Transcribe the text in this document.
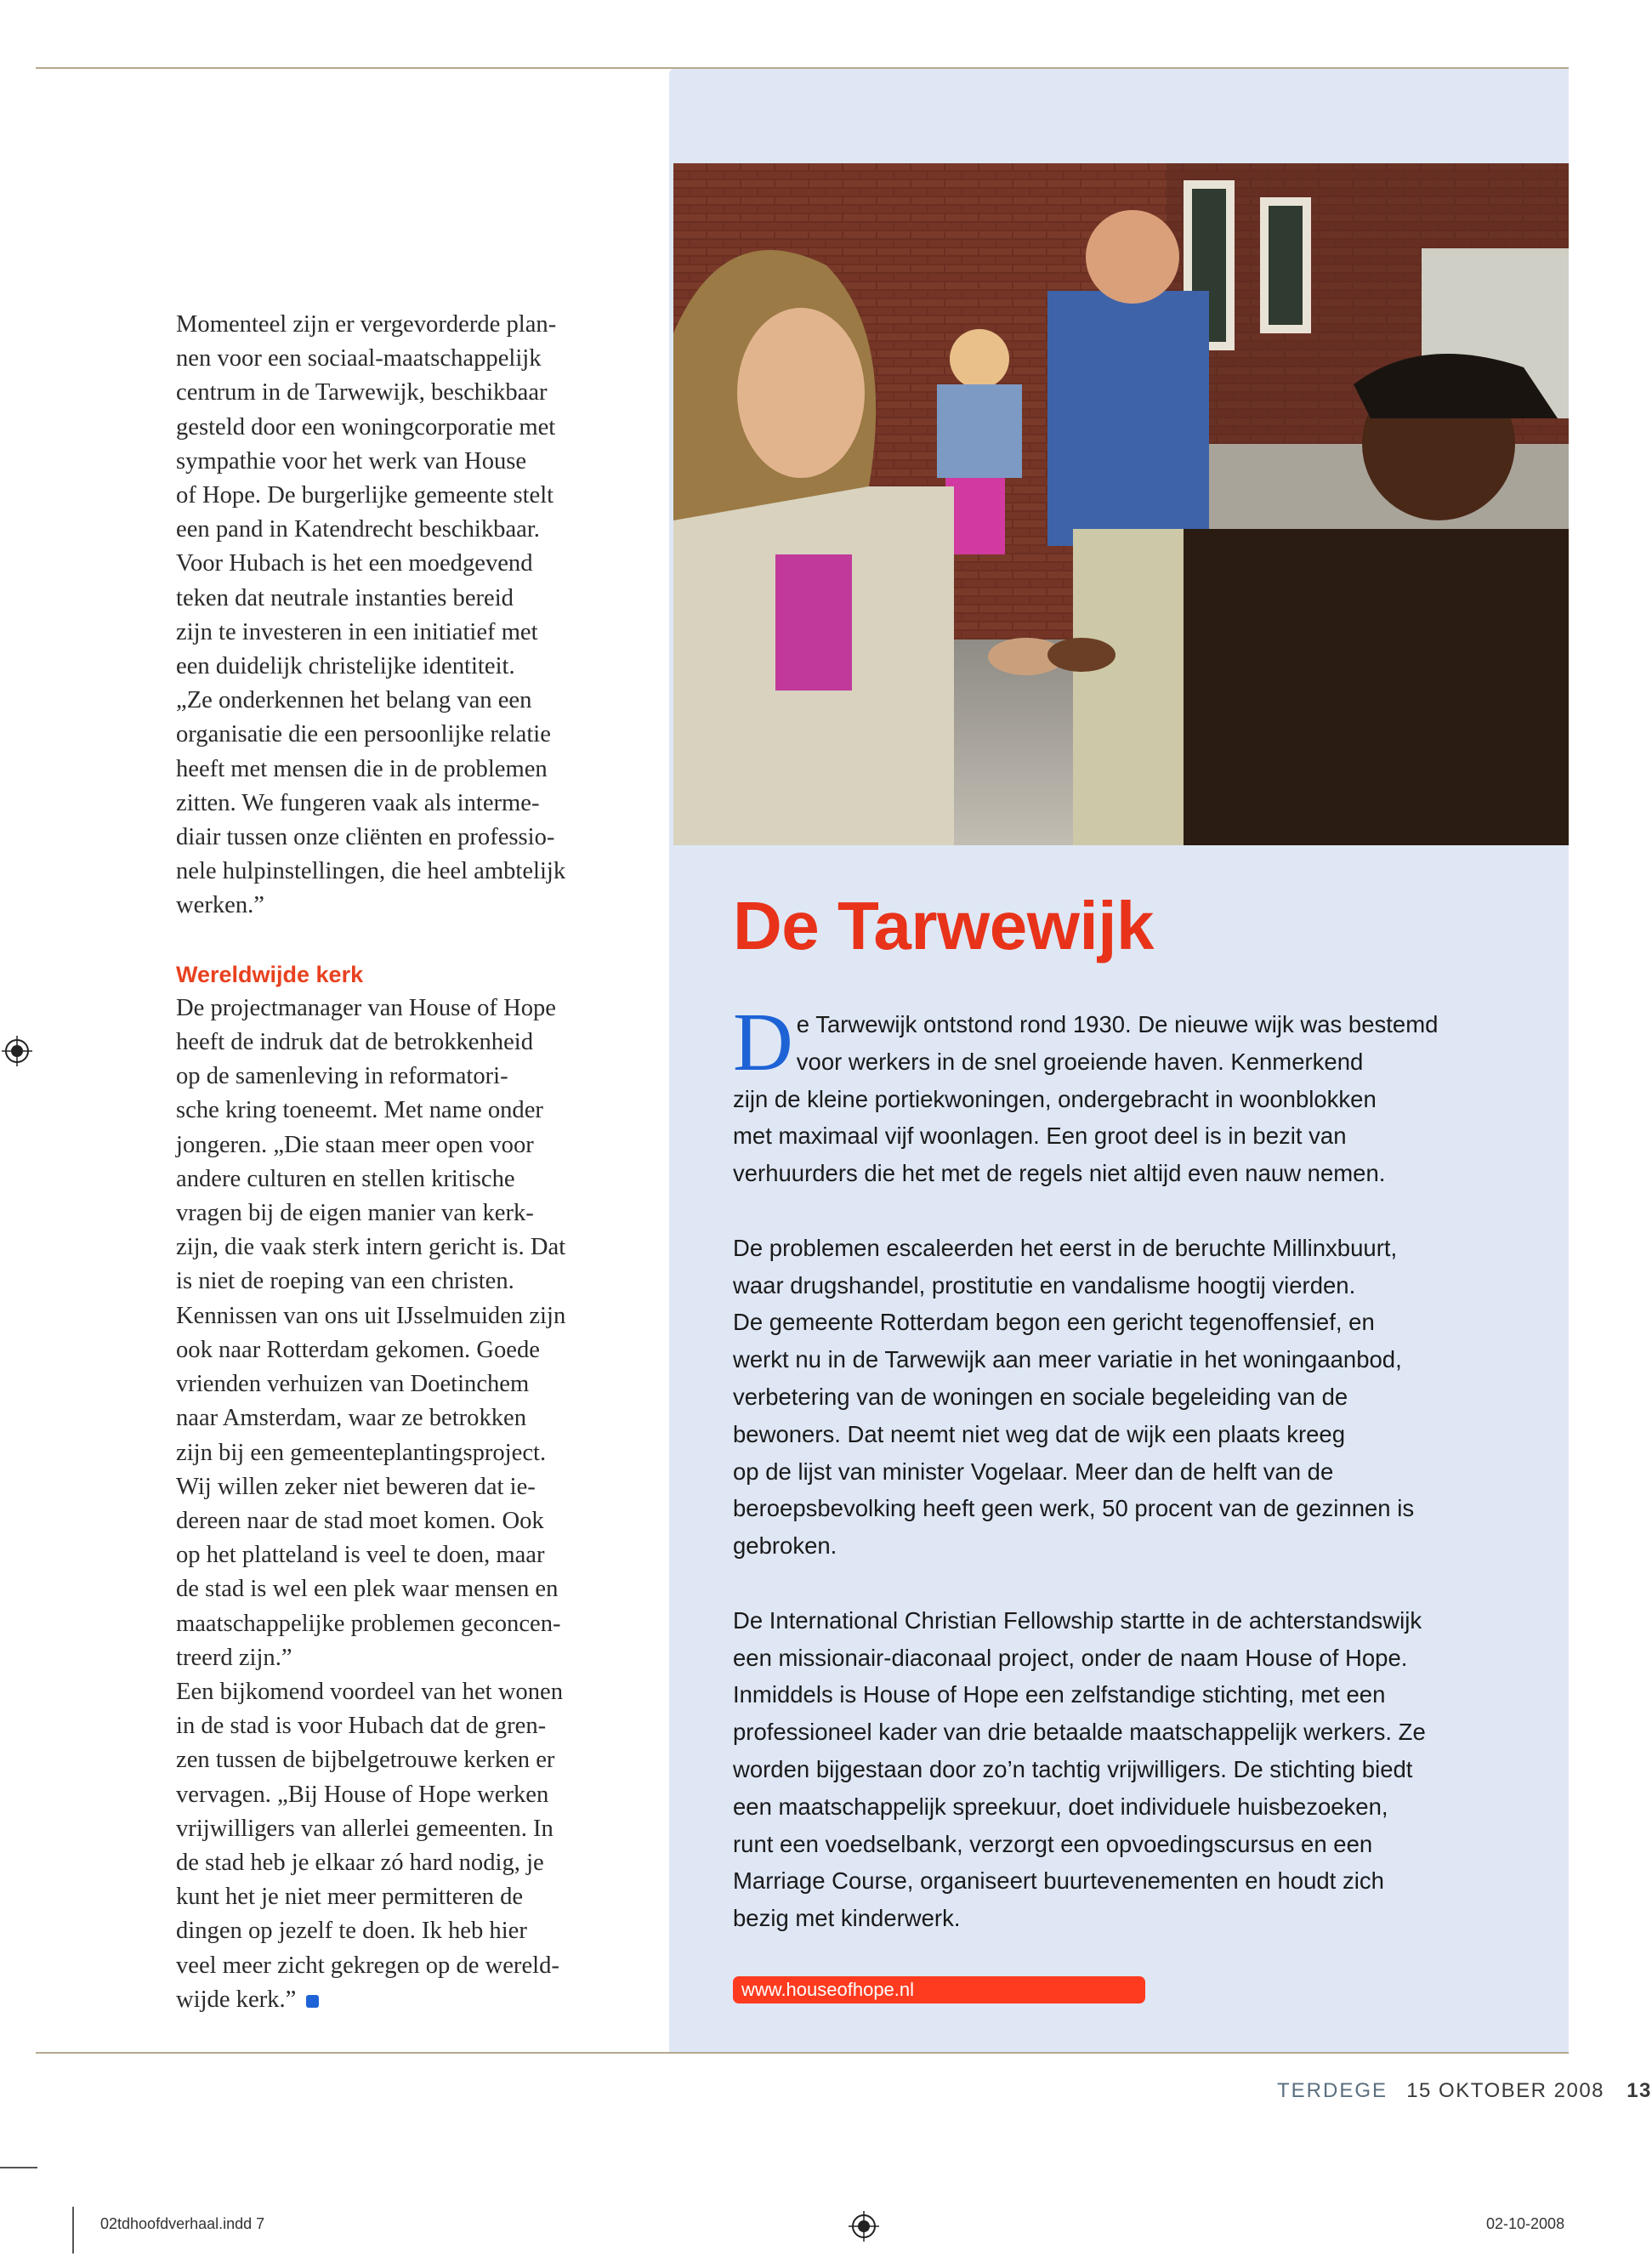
Momenteel zijn er vergevorderde plan-
nen voor een sociaal-maatschappelijk
centrum in de Tarwewijk, beschikbaar
gesteld door een woningcorporatie met
sympathie voor het werk van House
of Hope. De burgerlijke gemeente stelt
een pand in Katendrecht beschikbaar.
Voor Hubach is het een moedgevend
teken dat neutrale instanties bereid
zijn te investeren in een initiatief met
een duidelijk christelijke identiteit.
„Ze onderkennen het belang van een
organisatie die een persoonlijke relatie
heeft met mensen die in de problemen
zitten. We fungeren vaak als interme-
diair tussen onze cliënten en professio-
nele hulpinstellingen, die heel ambtelijk
werken.”

Wereldwijde kerk

De projectmanager van House of Hope
heeft de indruk dat de betrokkenheid
op de samenleving in reformatori-
sche kring toeneemt. Met name onder
jongeren. „Die staan meer open voor
andere culturen en stellen kritische
vragen bij de eigen manier van kerk-
zijn, die vaak sterk intern gericht is. Dat
is niet de roeping van een christen.
Kennissen van ons uit IJsselmuiden zijn
ook naar Rotterdam gekomen. Goede
vrienden verhuizen van Doetinchem
naar Amsterdam, waar ze betrokken
zijn bij een gemeenteplantingsproject.
Wij willen zeker niet beweren dat ie-
dereen naar de stad moet komen. Ook
op het platteland is veel te doen, maar
de stad is wel een plek waar mensen en
maatschappelijke problemen geconcen-
treerd zijn.”

Een bijkomend voordeel van het wonen
in de stad is voor Hubach dat de gren-
zen tussen de bijbelgetrouwe kerken er
vervagen. „Bij House of Hope werken
vrijwilligers van allerlei gemeenten. In
de stad heb je elkaar zó hard nodig, je
kunt het je niet meer permitteren de
dingen op jezelf te doen. Ik heb hier
veel meer zicht gekregen op de wereld-
wijde kerk.”

De Tarwewijk

De Tarwewijk ontstond rond 1930. De nieuwe wijk was bestemd
voor werkers in de snel groeiende haven. Kenmerkend
zijn de kleine portiekwoningen, ondergebracht in woonblokken
met maximaal vijf woonlagen. Een groot deel is in bezit van
verhuurders die het met de regels niet altijd even nauw nemen.

De problemen escaleerden het eerst in de beruchte Millinxbuurt,
waar drugshandel, prostitutie en vandalisme hoogtij vierden.
De gemeente Rotterdam begon een gericht tegenoffensief, en
werkt nu in de Tarwewijk aan meer variatie in het woningaanbod,
verbetering van de woningen en sociale begeleiding van de
bewoners. Dat neemt niet weg dat de wijk een plaats kreeg
op de lijst van minister Vogelaar. Meer dan de helft van de
beroepsbevolking heeft geen werk, 50 procent van de gezinnen is
gebroken.

De International Christian Fellowship startte in de achterstandswijk
een missionair-diaconaal project, onder de naam House of Hope.
Inmiddels is House of Hope een zelfstandige stichting, met een
professioneel kader van drie betaalde maatschappelijk werkers. Ze
worden bijgestaan door zo’n tachtig vrijwilligers. De stichting biedt
een maatschappelijk spreekuur, doet individuele huisbezoeken,
runt een voedselbank, verzorgt een opvoedingscursus en een
Marriage Course, organiseert buurtevenementen en houdt zich
bezig met kinderwerk.

www.houseofhope.nl
TERDEGE 15 OKTOBER 2008 13
02tdhoofdverhaal.indd 7	02-10-2008
